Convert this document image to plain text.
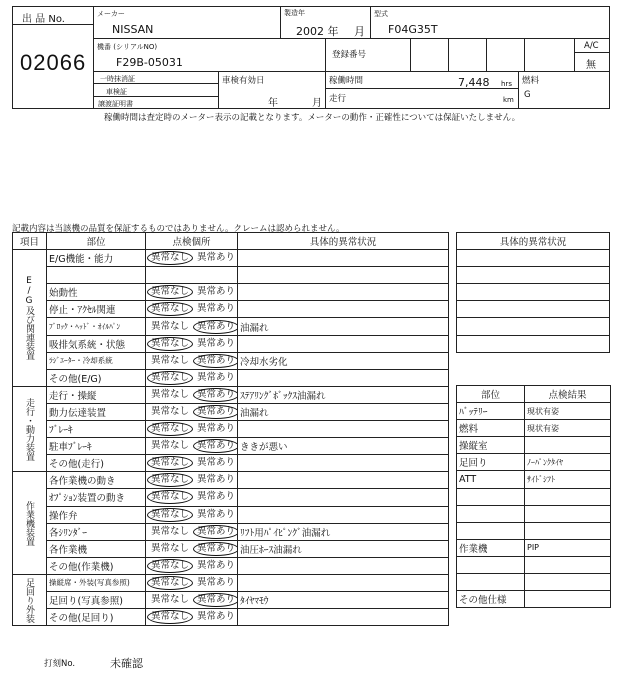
出 品 No.
02066
メーカー
NISSAN
製造年
2002 年 月
型式
F04G35T
機番 (シリアルNO)
F29B-05031
登録番号
A/C
無
一時抹消証
車検証
譲渡証明書
車検有効日
年	月
稼働時間	7,448 hrs
走行	km
燃料
G
稼働時間は査定時のメーター表示の記載となります。メーターの動作・正確性については保証いたしません。
記載内容は当該機の品質を保証するものではありません。クレームは認められません。
項目	部位	点検個所	具体的異常状況

E/G及び関連装置	E/G機能・能力	異常なし 異常あり	

	始動性	異常なし 異常あり	
	停止・ｱｸｾﾙ関連	異常なし 異常あり	
	ﾌﾞﾛｯｸ・ﾍｯﾄﾞ・ｵｲﾙﾊﾟﾝ	異常なし 異常あり	油漏れ
	吸排気系統・状態	異常なし 異常あり	
	ﾗｼﾞｴｰﾀｰ・冷却系統	異常なし 異常あり	冷却水劣化
	その他(E/G)	異常なし 異常あり	

走行・動力装置	走行・操縦	異常なし 異常あり	ｽﾃｱﾘﾝｸﾞﾎﾞｯｸｽ油漏れ
	動力伝達装置	異常なし 異常あり	油漏れ
	ﾌﾞﾚｰｷ	異常なし 異常あり	
	駐車ﾌﾞﾚｰｷ	異常なし 異常あり	ききが悪い
	その他(走行)	異常なし 異常あり	

作業機装置	各作業機の動き	異常なし 異常あり	
	ｵﾌﾟｼｮﾝ装置の動き	異常なし 異常あり	
	操作弁	異常なし 異常あり	
	各ｼﾘﾝﾀﾞｰ	異常なし 異常あり	ﾘﾌﾄ用ﾊﾟｲﾋﾟﾝｸﾞ油漏れ
	各作業機	異常なし 異常あり	油圧ﾎｰｽ油漏れ
	その他(作業機)	異常なし 異常あり	

足回り外装	操縦席・外装(写真参照)	異常なし 異常あり	
	足回り(写真参照)	異常なし 異常あり	ﾀｲﾔﾏﾓｳ
	その他(足回り)	異常なし 異常あり	
具体的異常状況

部位	点検結果
ﾊﾞｯﾃﾘｰ	現状有姿
燃料	現状有姿
操縦室	
足回り	ﾉｰﾊﾟﾝｸﾀｲﾔ
ATT	ｻｲﾄﾞｼﾌﾄ

作業機	PIP

その他仕様	
打刻No.	未確認
